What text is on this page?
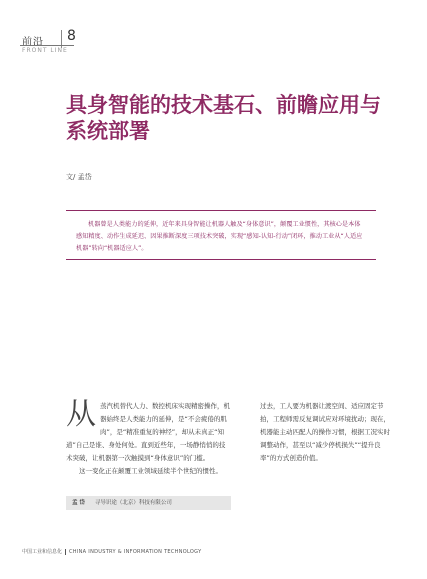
前沿 8
FRONT LINE
具身智能的技术基石、前瞻应用与系统部署
文/ 孟岱
机器曾是人类能力的延伸，近年来具身智能让机器人触及“身体意识”，颠覆工业惯性，其核心是本体感知精度、动作生成延迟、因果推断深度三项技术突破，实现“感知-认知-行动”闭环，推动工业从“人适应机器”转向“机器适应人”。
从 蒸汽机替代人力、数控机床实现精密操作，机器始终是人类能力的延伸，是“不会疲倦的肌肉”，是“精准重复的神经”，却从未真正“知道”自己是谁、身处何处。直到近些年，一场静悄悄的技术突破，让机器第一次触摸到“身体意识”的门槛。
这一变化正在颠覆工业领域延续半个世纪的惯性。
过去，工人要为机器让渡空间、适应固定节拍，工程师需反复调试应对环境扰动；现在，机器能主动匹配人的操作习惯，根据工况实时调整动作，甚至以“减少停机损失”“提升良率”的方式创造价值。
孟 岱 寻导识途（北京）科技有限公司
中国工业和信息化 CHINA INDUSTRY & INFORMATION TECHNOLOGY
